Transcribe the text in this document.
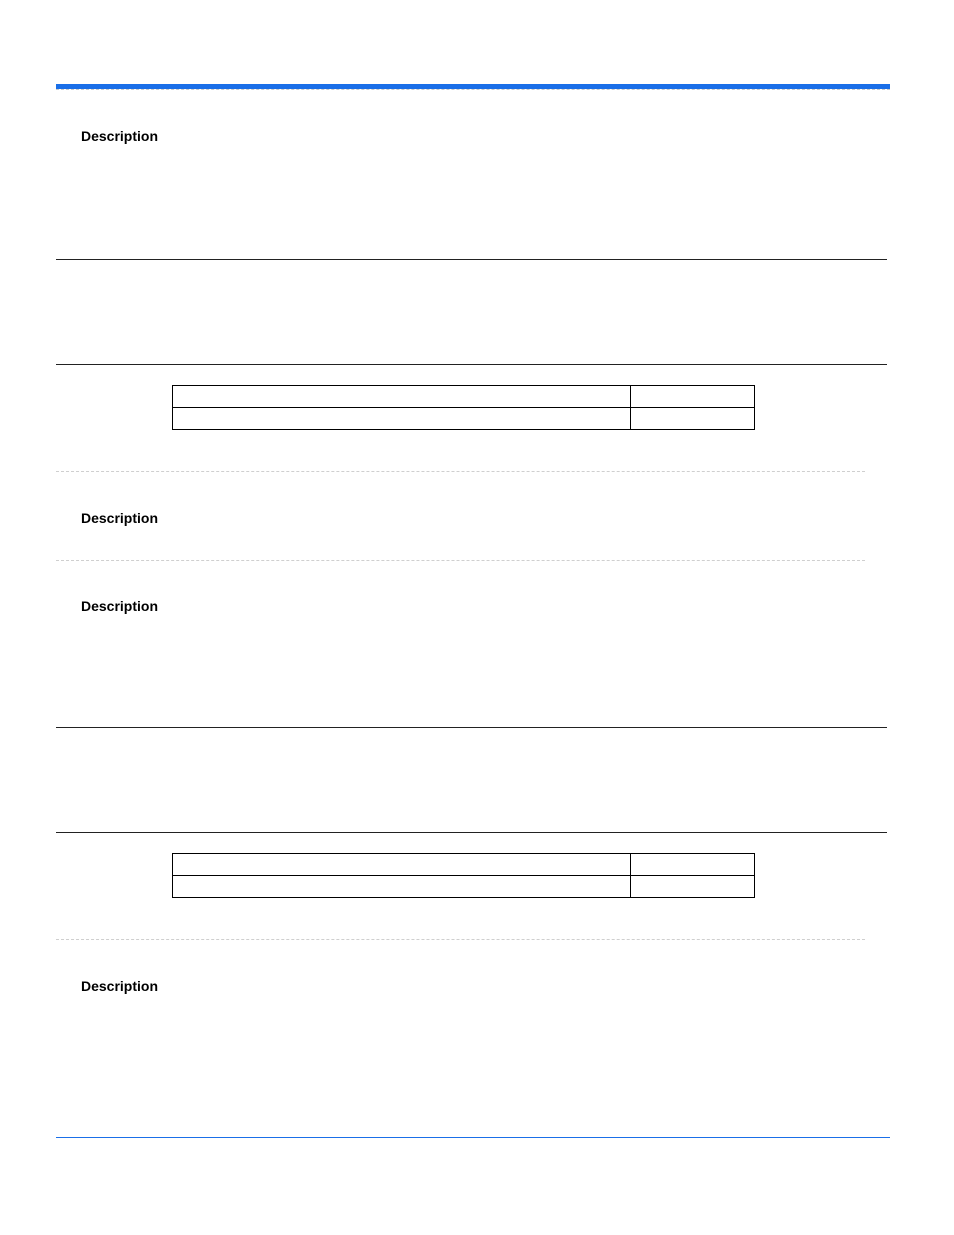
Description

Description
Description

Description
